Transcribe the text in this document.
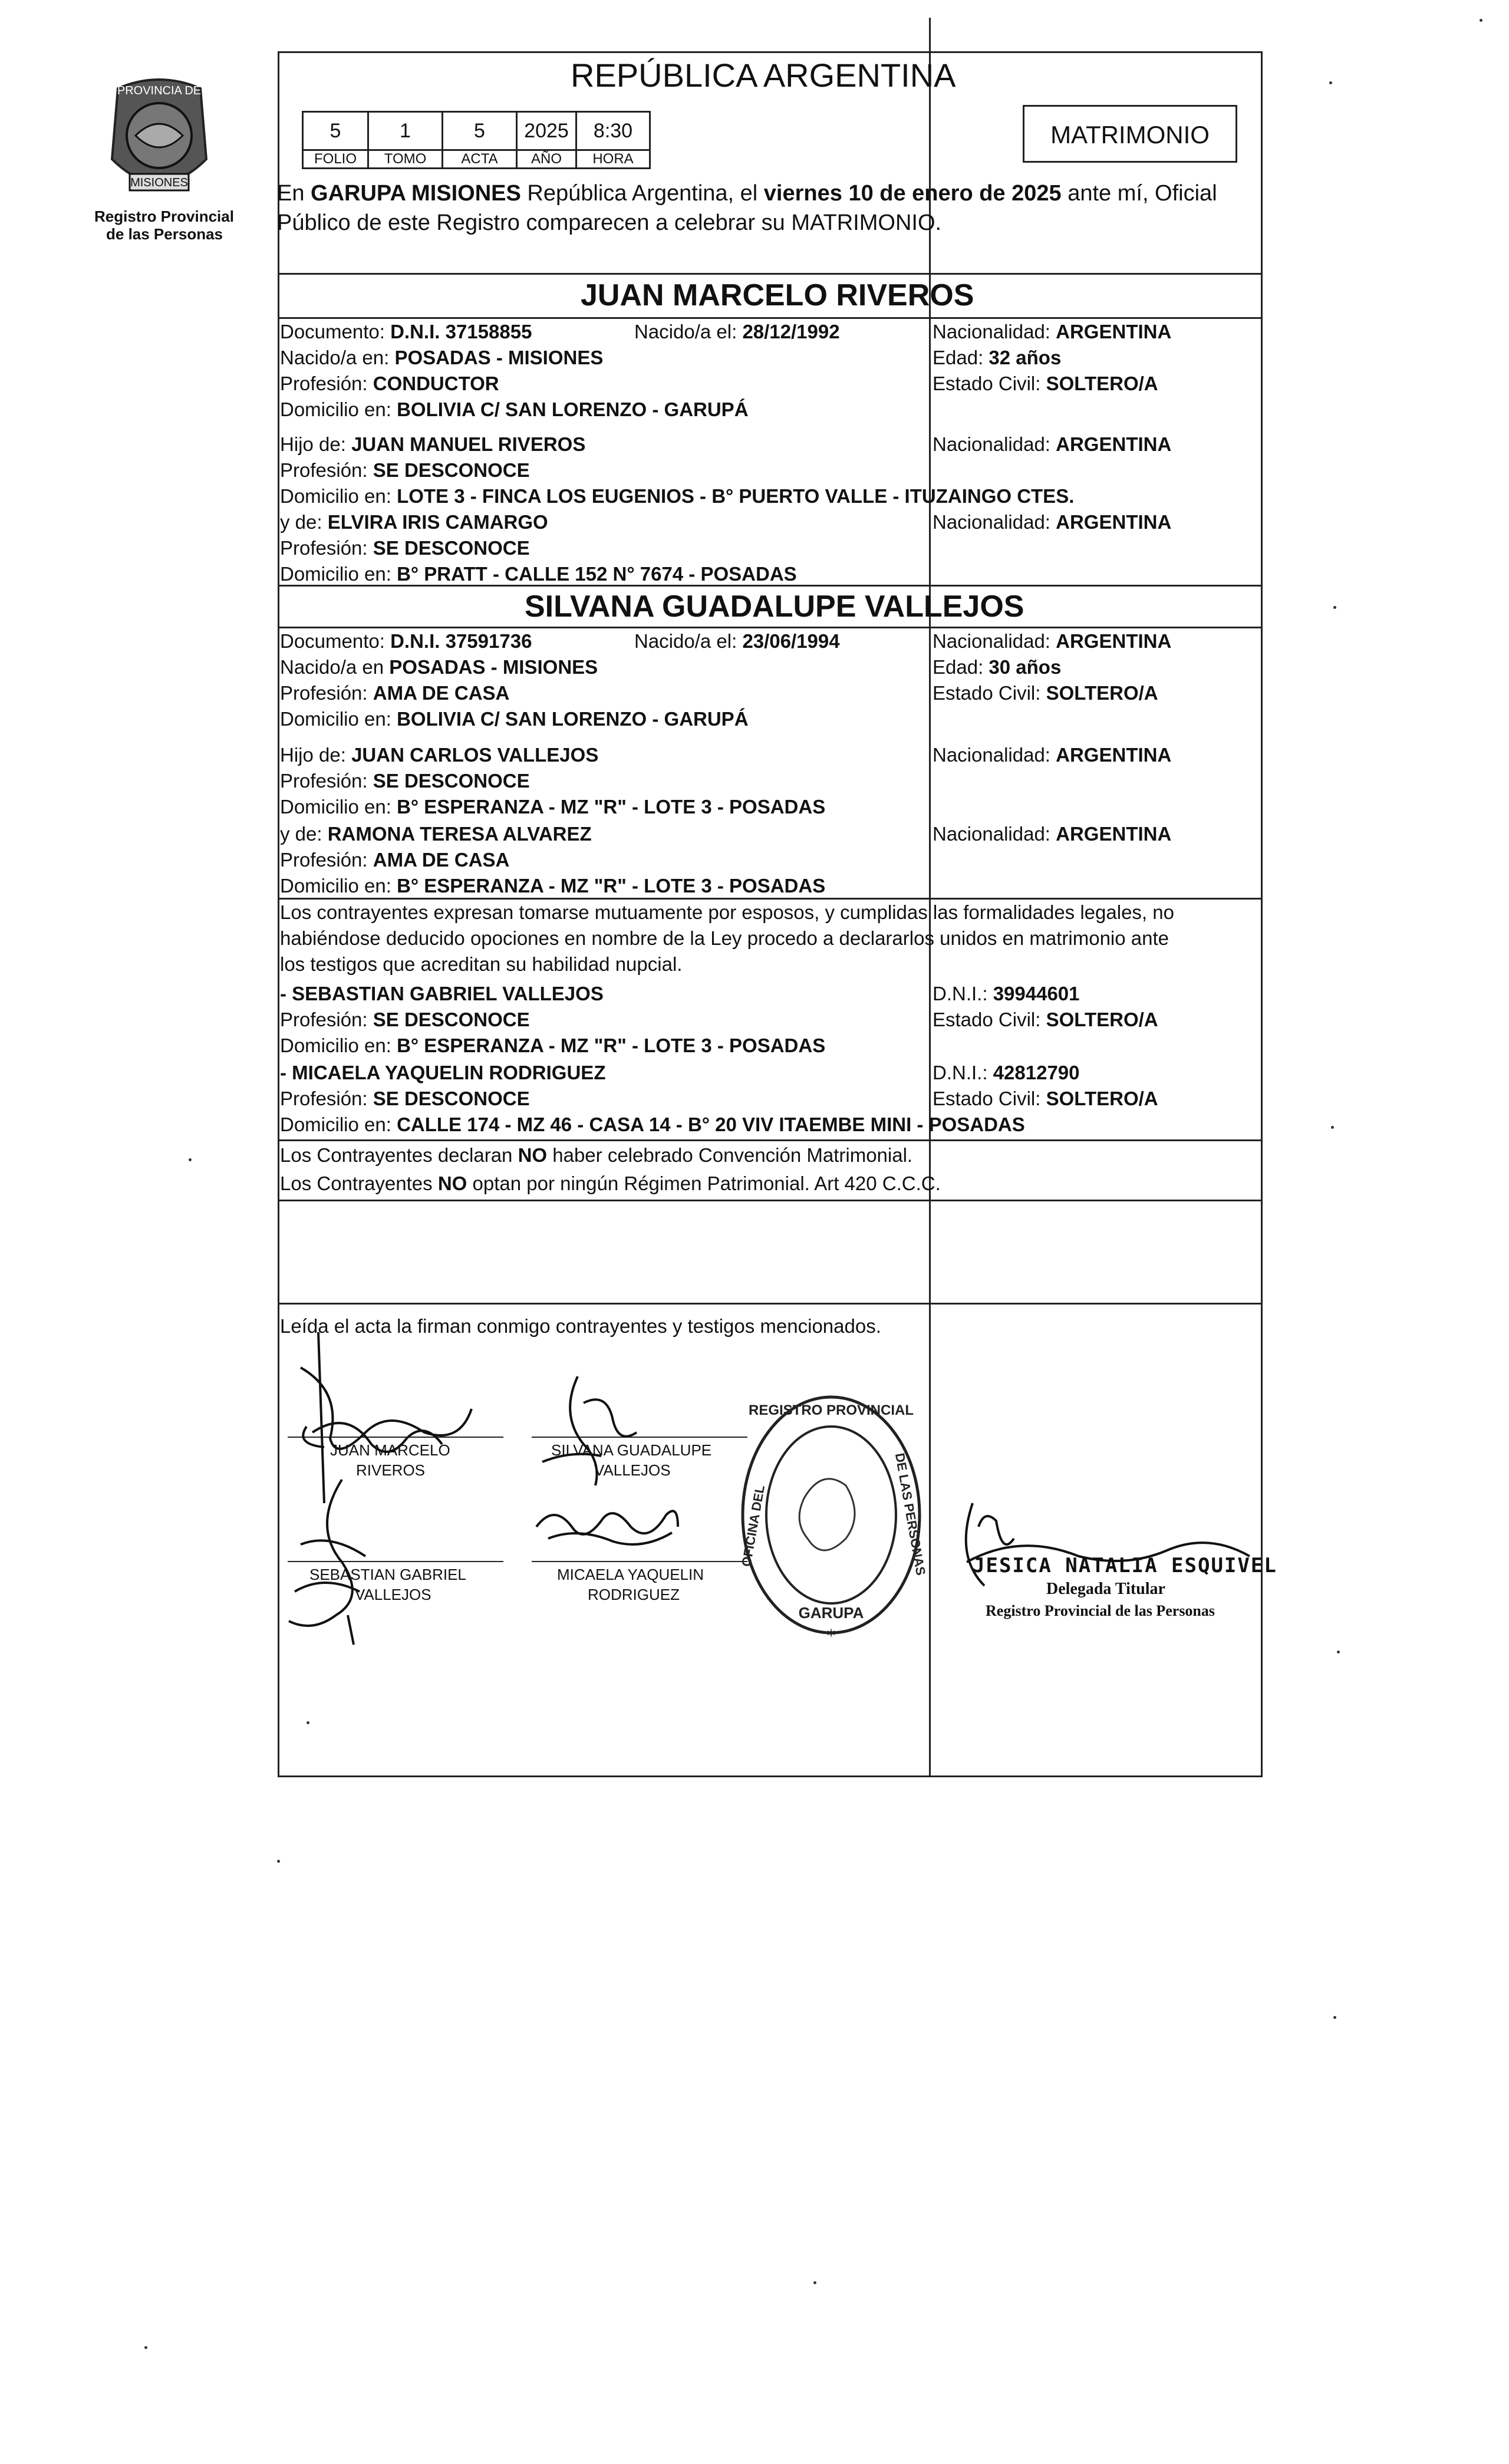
PROVINCIA DE
MISIONES
Registro Provincial
de las Personas
REPÚBLICA ARGENTINA
5	1	5	2025	8:30
FOLIO	TOMO	ACTA	AÑO	HORA
MATRIMONIO
En GARUPA MISIONES República Argentina, el viernes 10 de enero de 2025 ante mí, Oficial
Público de este Registro comparecen a celebrar su MATRIMONIO.
JUAN MARCELO RIVEROS
Documento: D.N.I. 37158855	Nacido/a el: 28/12/1992	Nacionalidad: ARGENTINA
Nacido/a en: POSADAS - MISIONES	Edad: 32 años
Profesión: CONDUCTOR	Estado Civil: SOLTERO/A
Domicilio en: BOLIVIA C/ SAN LORENZO - GARUPÁ
Hijo de: JUAN MANUEL RIVEROS	Nacionalidad: ARGENTINA
Profesión: SE DESCONOCE
Domicilio en: LOTE 3 - FINCA LOS EUGENIOS - B° PUERTO VALLE - ITUZAINGO CTES.
y de: ELVIRA IRIS CAMARGO	Nacionalidad: ARGENTINA
Profesión: SE DESCONOCE
Domicilio en: B° PRATT - CALLE 152 N° 7674 - POSADAS
SILVANA GUADALUPE VALLEJOS
Documento: D.N.I. 37591736	Nacido/a el: 23/06/1994	Nacionalidad: ARGENTINA
Nacido/a en POSADAS - MISIONES	Edad: 30 años
Profesión: AMA DE CASA	Estado Civil: SOLTERO/A
Domicilio en: BOLIVIA C/ SAN LORENZO - GARUPÁ
Hijo de: JUAN CARLOS VALLEJOS	Nacionalidad: ARGENTINA
Profesión: SE DESCONOCE
Domicilio en: B° ESPERANZA - MZ "R" - LOTE 3 - POSADAS
y de: RAMONA TERESA ALVAREZ	Nacionalidad: ARGENTINA
Profesión: AMA DE CASA
Domicilio en: B° ESPERANZA - MZ "R" - LOTE 3 - POSADAS
Los contrayentes expresan tomarse mutuamente por esposos, y cumplidas las formalidades legales, no
habiéndose deducido opociones en nombre de la Ley procedo a declararlos unidos en matrimonio ante
los testigos que acreditan su habilidad nupcial.
- SEBASTIAN GABRIEL VALLEJOS	D.N.I.: 39944601
Profesión: SE DESCONOCE	Estado Civil: SOLTERO/A
Domicilio en: B° ESPERANZA - MZ "R" - LOTE 3 - POSADAS
- MICAELA YAQUELIN RODRIGUEZ	D.N.I.: 42812790
Profesión: SE DESCONOCE	Estado Civil: SOLTERO/A
Domicilio en: CALLE 174 - MZ 46 - CASA 14 - B° 20 VIV ITAEMBE MINI - POSADAS
Los Contrayentes declaran NO haber celebrado Convención Matrimonial.
Los Contrayentes NO optan por ningún Régimen Patrimonial. Art 420 C.C.C.
Leída el acta la firman conmigo contrayentes y testigos mencionados.
JUAN MARCELO
RIVEROS
SILVANA GUADALUPE
VALLEJOS
SEBASTIAN GABRIEL
VALLEJOS
MICAELA YAQUELIN
RODRIGUEZ
REGISTRO PROVINCIAL
OFICINA DEL	DE LAS PERSONAS
GARUPA
✶
JESICA NATALIA ESQUIVEL
Delegada Titular
Registro Provincial de las Personas
